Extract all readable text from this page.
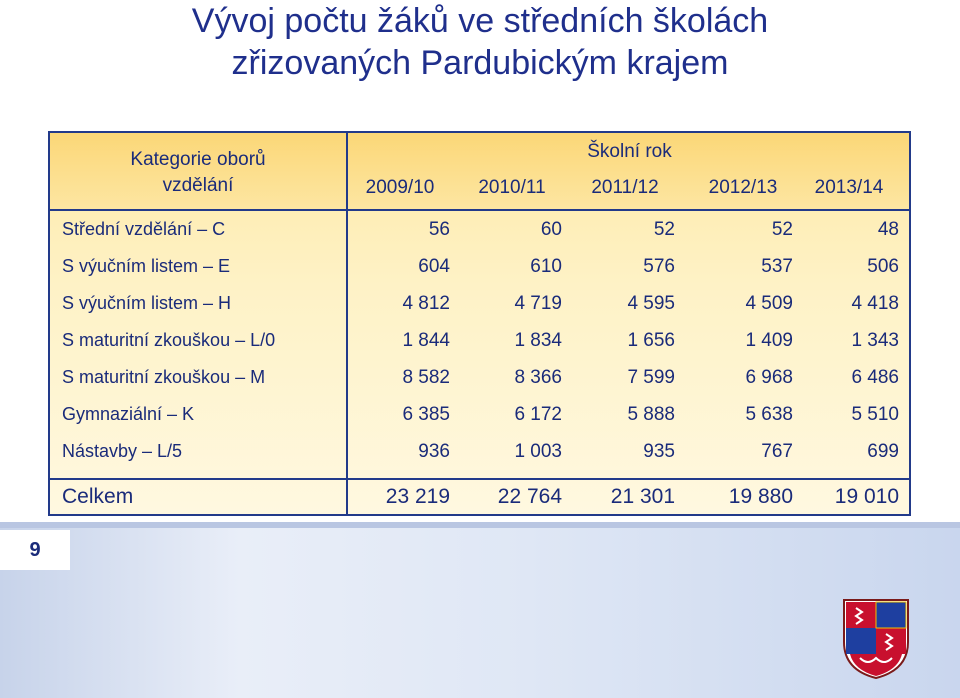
Vývoj počtu žáků ve středních školách
zřizovaných Pardubickým krajem
Kategorie oborů
vzdělání
Školní rok
2009/10	2010/11	2011/12	2012/13	2013/14
Střední vzdělání – C	56	60	52	52	48
S výučním listem – E	604	610	576	537	506
S výučním listem – H	4 812	4 719	4 595	4 509	4 418
S maturitní zkouškou – L/0	1 844	1 834	1 656	1 409	1 343
S maturitní zkouškou – M	8 582	8 366	7 599	6 968	6 486
Gymnaziální – K	6 385	6 172	5 888	5 638	5 510
Nástavby – L/5	936	1 003	935	767	699
Celkem	23 219	22 764	21 301	19 880	19 010
9
